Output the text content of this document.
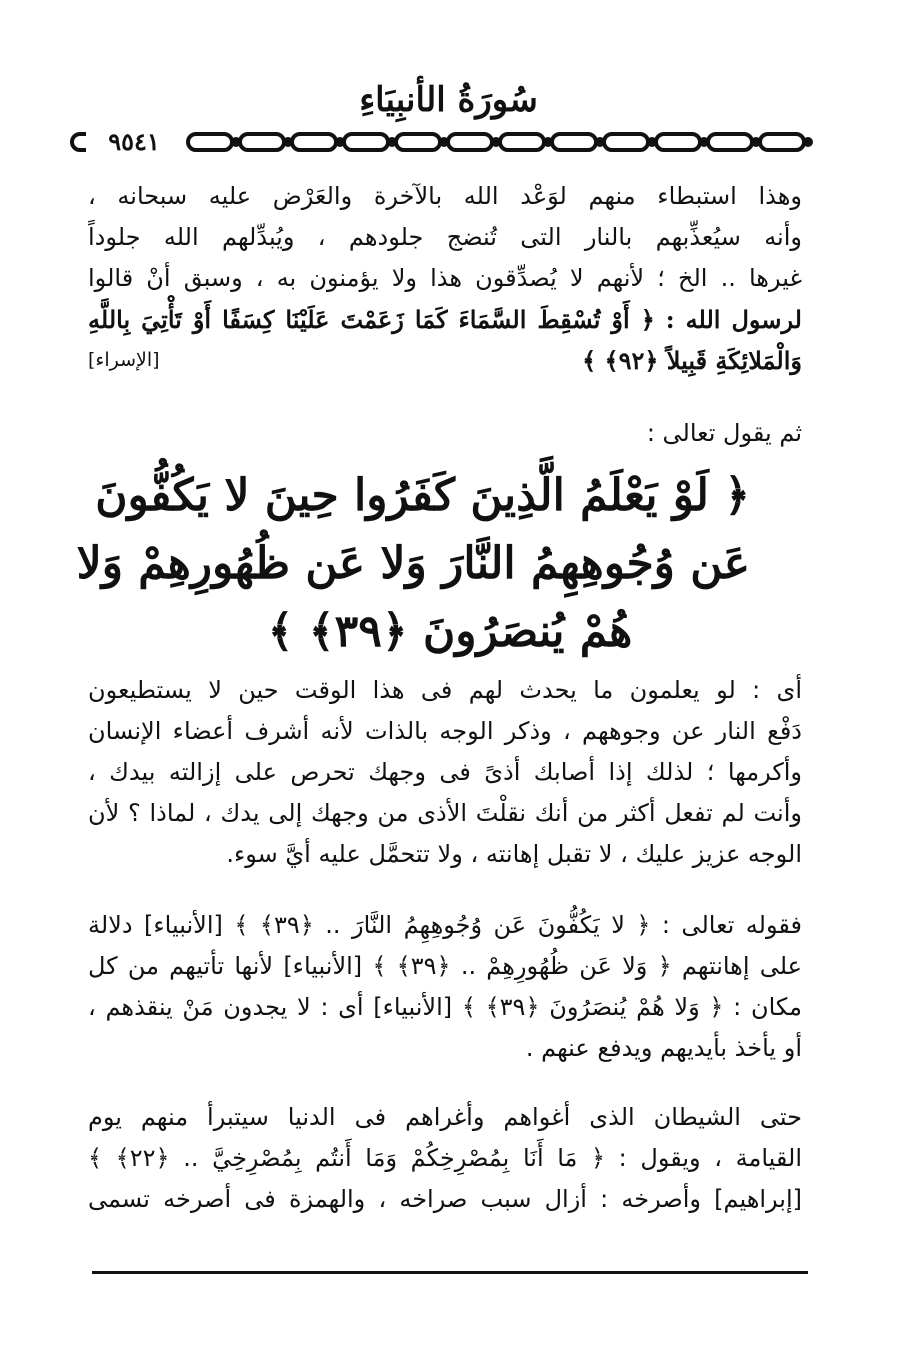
سُورَةُ الأنبِيَاءِ
٩٥٤١
وهذا استبطاء منهم لوَعْد الله بالآخرة والعَرْض عليه سبحانه ،
وأنه سيُعذِّبهم بالنار التى تُنضج جلودهم ، ويُبدِّلهم الله جلوداً
غيرها .. الخ ؛ لأنهم لا يُصدِّقون هذا ولا يؤمنون به ، وسبق أنْ قالوا
لرسول الله : ﴿ أَوْ تُسْقِطَ السَّمَاءَ كَمَا زَعَمْتَ عَلَيْنَا كِسَفًا أَوْ تَأْتِيَ بِاللَّهِ
وَالْمَلائِكَةِ قَبِيلاً ﴿٩٢﴾ ﴾
[الإسراء]
ثم يقول تعالى :
﴿ لَوْ يَعْلَمُ الَّذِينَ كَفَرُوا حِينَ لا يَكُفُّونَ
عَن وُجُوهِهِمُ النَّارَ وَلا عَن ظُهُورِهِمْ وَلا
هُمْ يُنصَرُونَ ﴿٣٩﴾ ﴾
أى : لو يعلمون ما يحدث لهم فى هذا الوقت حين لا يستطيعون
دَفْع النار عن وجوههم ، وذكر الوجه بالذات لأنه أشرف أعضاء الإنسان
وأكرمها ؛ لذلك إذا أصابك أذىً فى وجهك تحرص على إزالته بيدك ،
وأنت لم تفعل أكثر من أنك نقلْتَ الأذى من وجهك إلى يدك ، لماذا ؟ لأن
الوجه عزيز عليك ، لا تقبل إهانته ، ولا تتحمَّل عليه أيَّ سوء.
فقوله تعالى : ﴿ لا يَكُفُّونَ عَن وُجُوهِهِمُ النَّارَ .. ﴿٣٩﴾ ﴾ [الأنبياء] دلالة
على إهانتهم ﴿ وَلا عَن ظُهُورِهِمْ .. ﴿٣٩﴾ ﴾ [الأنبياء] لأنها تأتيهم من كل
مكان : ﴿ وَلا هُمْ يُنصَرُونَ ﴿٣٩﴾ ﴾ [الأنبياء] أى : لا يجدون مَنْ ينقذهم ،
أو يأخذ بأيديهم ويدفع عنهم .
حتى الشيطان الذى أغواهم وأغراهم فى الدنيا سيتبرأ منهم يوم
القيامة ، ويقول : ﴿ مَا أَنَا بِمُصْرِخِكُمْ وَمَا أَنتُم بِمُصْرِخِيَّ .. ﴿٢٢﴾ ﴾
[إبراهيم] وأصرخه : أزال سبب صراخه ، والهمزة فى أصرخه تسمى
